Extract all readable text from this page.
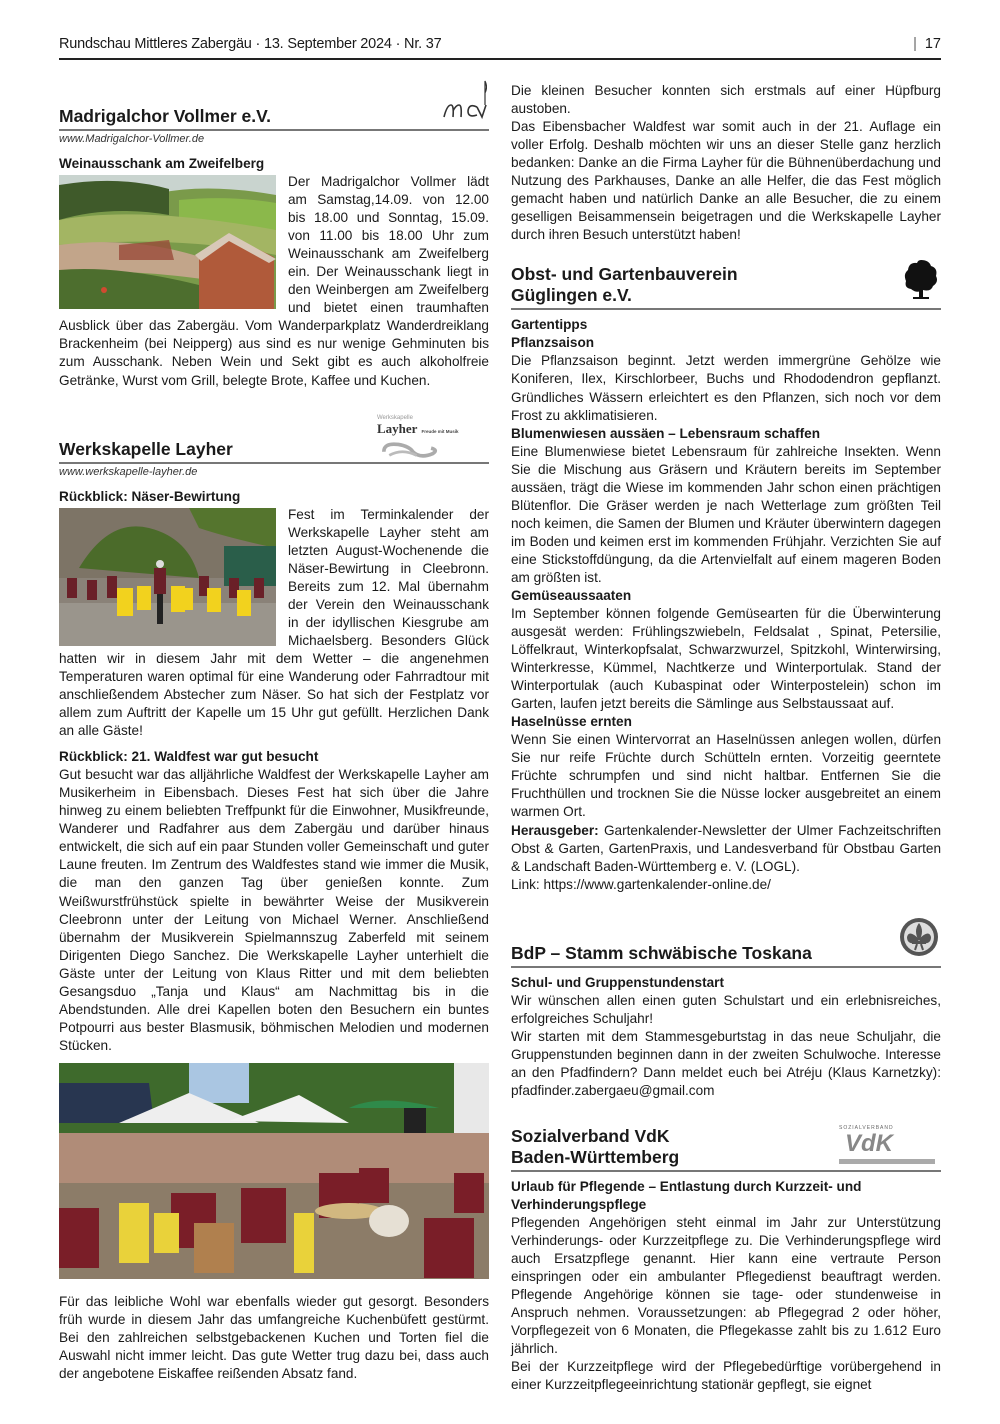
Rundschau Mittleres Zabergäu · 13. September 2024 · Nr. 37	| 17
Madrigalchor Vollmer e.V.
www.Madrigalchor-Vollmer.de
Weinausschank am Zweifelberg

Der Madrigalchor Vollmer lädt am Samstag,14.09. von 12.00 bis 18.00 und Sonntag, 15.09. von 11.00 bis 18.00 Uhr zum Weinausschank am Zweifelberg ein. Der Weinausschank liegt in den Weinbergen am Zweifelberg und bietet einen traumhaften Ausblick über das Zabergäu. Vom Wanderparkplatz Wanderdreiklang Brackenheim (bei Neipperg) aus sind es nur wenige Gehminuten bis zum Ausschank. Neben Wein und Sekt gibt es auch alkoholfreie Getränke, Wurst vom Grill, belegte Brote, Kaffee und Kuchen.

Werkskapelle Layher
Werkskapelle
Layher Freude mit Musik
www.werkskapelle-layher.de
Rückblick: Näser-Bewirtung

Fest im Terminkalender der Werkskapelle Layher steht am letzten August-Wochenende die Näser-Bewirtung in Cleebronn. Bereits zum 12. Mal übernahm der Verein den Weinausschank in der idyllischen Kiesgrube am Michaelsberg. Besonders Glück hatten wir in diesem Jahr mit dem Wetter – die angenehmen Temperaturen waren optimal für eine Wanderung oder Fahrradtour mit anschließendem Abstecher zum Näser. So hat sich der Festplatz vor allem zum Auftritt der Kapelle um 15 Uhr gut gefüllt. Herzlichen Dank an alle Gäste!

Rückblick: 21. Waldfest war gut besucht

Gut besucht war das alljährliche Waldfest der Werkskapelle Layher am Musikerheim in Eibensbach. Dieses Fest hat sich über die Jahre hinweg zu einem beliebten Treffpunkt für die Einwohner, Musikfreunde, Wanderer und Radfahrer aus dem Zabergäu und darüber hinaus entwickelt, die sich auf ein paar Stunden voller Gemeinschaft und guter Laune freuten. Im Zentrum des Waldfestes stand wie immer die Musik, die man den ganzen Tag über genießen konnte. Zum Weißwurstfrühstück spielte in bewährter Weise der Musikverein Cleebronn unter der Leitung von Michael Werner. Anschließend übernahm der Musikverein Spielmannszug Zaberfeld mit seinem Dirigenten Diego Sanchez. Die Werkskapelle Layher unterhielt die Gäste unter der Leitung von Klaus Ritter und mit dem beliebten Gesangsduo „Tanja und Klaus“ am Nachmittag bis in die Abendstunden. Alle drei Kapellen boten den Besuchern ein buntes Potpourri aus bester Blasmusik, böhmischen Melodien und modernen Stücken.

Für das leibliche Wohl war ebenfalls wieder gut gesorgt. Besonders früh wurde in diesem Jahr das umfangreiche Kuchenbüfett gestürmt. Bei den zahlreichen selbstgebackenen Kuchen und Torten fiel die Auswahl nicht immer leicht. Das gute Wetter trug dazu bei, dass auch der angebotene Eiskaffee reißenden Absatz fand.

Die kleinen Besucher konnten sich erstmals auf einer Hüpfburg austoben.

Das Eibensbacher Waldfest war somit auch in der 21. Auflage ein voller Erfolg. Deshalb möchten wir uns an dieser Stelle ganz herzlich bedanken: Danke an die Firma Layher für die Bühnenüberdachung und Nutzung des Parkhauses, Danke an alle Helfer, die das Fest möglich gemacht haben und natürlich Danke an alle Besucher, die zu einem geselligen Beisammensein beigetragen und die Werkskapelle Layher durch ihren Besuch unterstützt haben!

Obst- und Gartenbauverein
Güglingen e.V.
Gartentipps
Pflanzsaison

Die Pflanzsaison beginnt. Jetzt werden immergrüne Gehölze wie Koniferen, Ilex, Kirschlorbeer, Buchs und Rhododendron gepflanzt. Gründliches Wässern erleichtert es den Pflanzen, sich noch vor dem Frost zu akklimatisieren.

Blumenwiesen aussäen – Lebensraum schaffen

Eine Blumenwiese bietet Lebensraum für zahlreiche Insekten. Wenn Sie die Mischung aus Gräsern und Kräutern bereits im September aussäen, trägt die Wiese im kommenden Jahr schon einen prächtigen Blütenflor. Die Gräser werden je nach Wetterlage zum größten Teil noch keimen, die Samen der Blumen und Kräuter überwintern dagegen im Boden und keimen erst im kommenden Frühjahr. Verzichten Sie auf eine Stickstoffdüngung, da die Artenvielfalt auf einem mageren Boden am größten ist.

Gemüseaussaaten

Im September können folgende Gemüsearten für die Überwinterung ausgesät werden: Frühlingszwiebeln, Feldsalat , Spinat, Petersilie, Löffelkraut, Winterkopfsalat, Schwarzwurzel, Spitzkohl, Winterwirsing, Winterkresse, Kümmel, Nachtkerze und Winterportulak. Stand der Winterportulak (auch Kubaspinat oder Winterpostelein) schon im Garten, laufen jetzt bereits die Sämlinge aus Selbstaussaat auf.

Haselnüsse ernten

Wenn Sie einen Wintervorrat an Haselnüssen anlegen wollen, dürfen Sie nur reife Früchte durch Schütteln ernten. Vorzeitig geerntete Früchte schrumpfen und sind nicht haltbar. Entfernen Sie die Fruchthüllen und trocknen Sie die Nüsse locker ausgebreitet an einem warmen Ort.

Herausgeber: Gartenkalender-Newsletter der Ulmer Fachzeitschriften Obst & Garten, GartenPraxis, und Landesverband für Obstbau Garten & Landschaft Baden-Württemberg e. V. (LOGL).

Link: https://www.gartenkalender-online.de/

BdP – Stamm schwäbische Toskana
Schul- und Gruppenstundenstart

Wir wünschen allen einen guten Schulstart und ein erlebnisreiches, erfolgreiches Schuljahr!

Wir starten mit dem Stammesgeburtstag in das neue Schuljahr, die Gruppenstunden beginnen dann in der zweiten Schulwoche. Interesse an den Pfadfindern? Dann meldet euch bei Atréju (Klaus Karnetzky): pfadfinder.zabergaeu@gmail.com

Sozialverband VdK
Baden-Württemberg
SOZIALVERBAND
VdK
Urlaub für Pflegende – Entlastung durch Kurzzeit- und Verhinderungspflege

Pflegenden Angehörigen steht einmal im Jahr zur Unterstützung Verhinderungs- oder Kurzzeitpflege zu. Die Verhinderungspflege wird auch Ersatzpflege genannt. Hier kann eine vertraute Person einspringen oder ein ambulanter Pflegedienst beauftragt werden. Pflegende Angehörige können sie tage- oder stundenweise in Anspruch nehmen. Voraussetzungen: ab Pflegegrad 2 oder höher, Vorpflegezeit von 6 Monaten, die Pflegekasse zahlt bis zu 1.612 Euro jährlich.

Bei der Kurzzeitpflege wird der Pflegebedürftige vorübergehend in einer Kurzzeitpflegeeinrichtung stationär gepflegt, sie eignet
